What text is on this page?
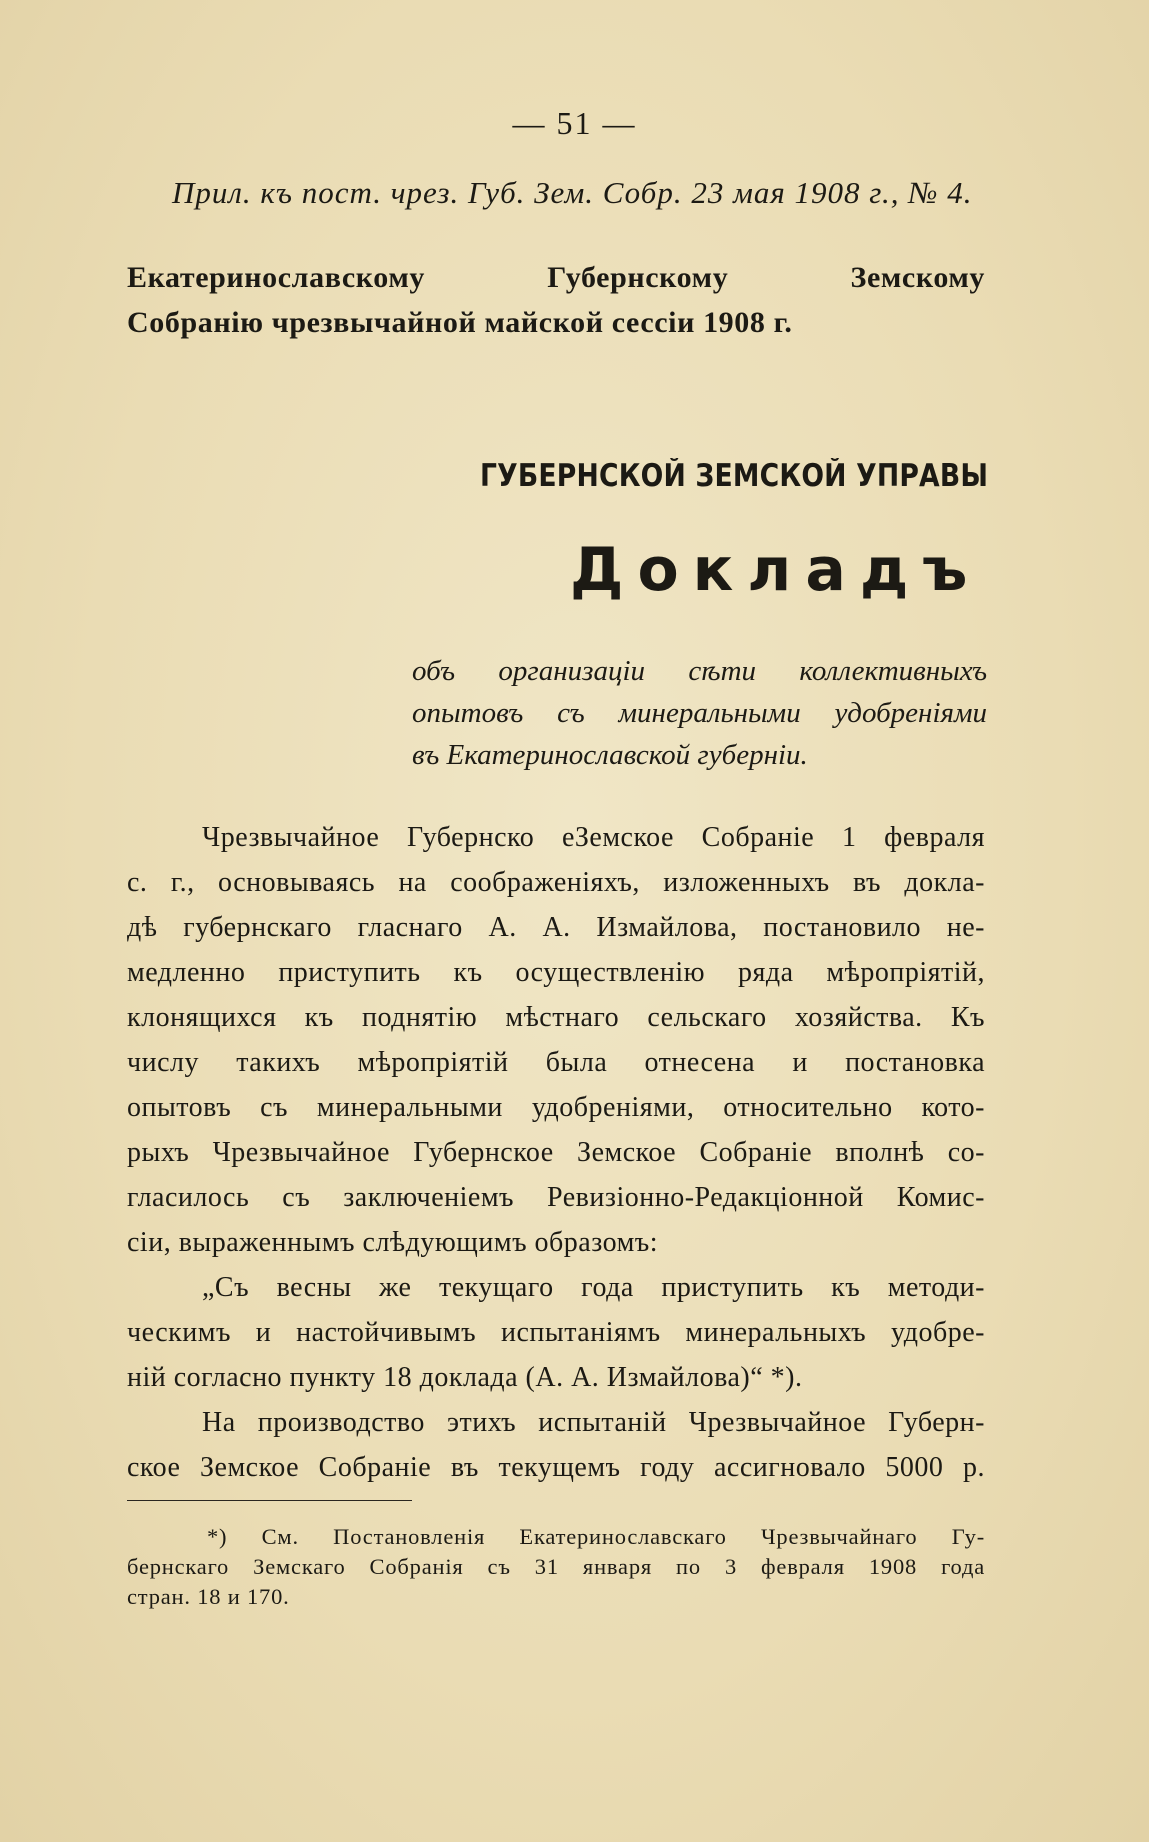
— 51 —
Прил. къ пост. чрез. Губ. Зем. Собр. 23 мая 1908 г., № 4.
Екатеринославскому Губернскому Земскому

Собранію чрезвычайной майской сессіи 1908 г.
ГУБЕРНСКОЙ ЗЕМСКОЙ УПРАВЫ
Докладъ
объ организаціи сѣти коллективныхъ
опытовъ съ минеральными удобреніями
въ Екатеринославской губерніи.
Чрезвычайное Губернско еЗемское Собраніе 1 февраля
с. г., основываясь на соображеніяхъ, изложенныхъ въ докла-
дѣ губернскаго гласнаго А. А. Измайлова, постановило не-
медленно приступить къ осуществленію ряда мѣропріятій,
клонящихся къ поднятію мѣстнаго сельскаго хозяйства. Къ
числу такихъ мѣропріятій была отнесена и постановка
опытовъ съ минеральными удобреніями, относительно кото-
рыхъ Чрезвычайное Губернское Земское Собраніе вполнѣ со-
гласилось съ заключеніемъ Ревизіонно-Редакціонной Комис-
сіи, выраженнымъ слѣдующимъ образомъ:
„Съ весны же текущаго года приступить къ методи-
ческимъ и настойчивымъ испытаніямъ минеральныхъ удобре-
ній согласно пункту 18 доклада (А. А. Измайлова)“ *).
На производство этихъ испытаній Чрезвычайное Губерн-
ское Земское Собраніе въ текущемъ году ассигновало 5000 р.
*) См. Постановленія Екатеринославскаго Чрезвычайнаго Гу-
бернскаго Земскаго Собранія съ 31 января по 3 февраля 1908 года
стран. 18 и 170.
